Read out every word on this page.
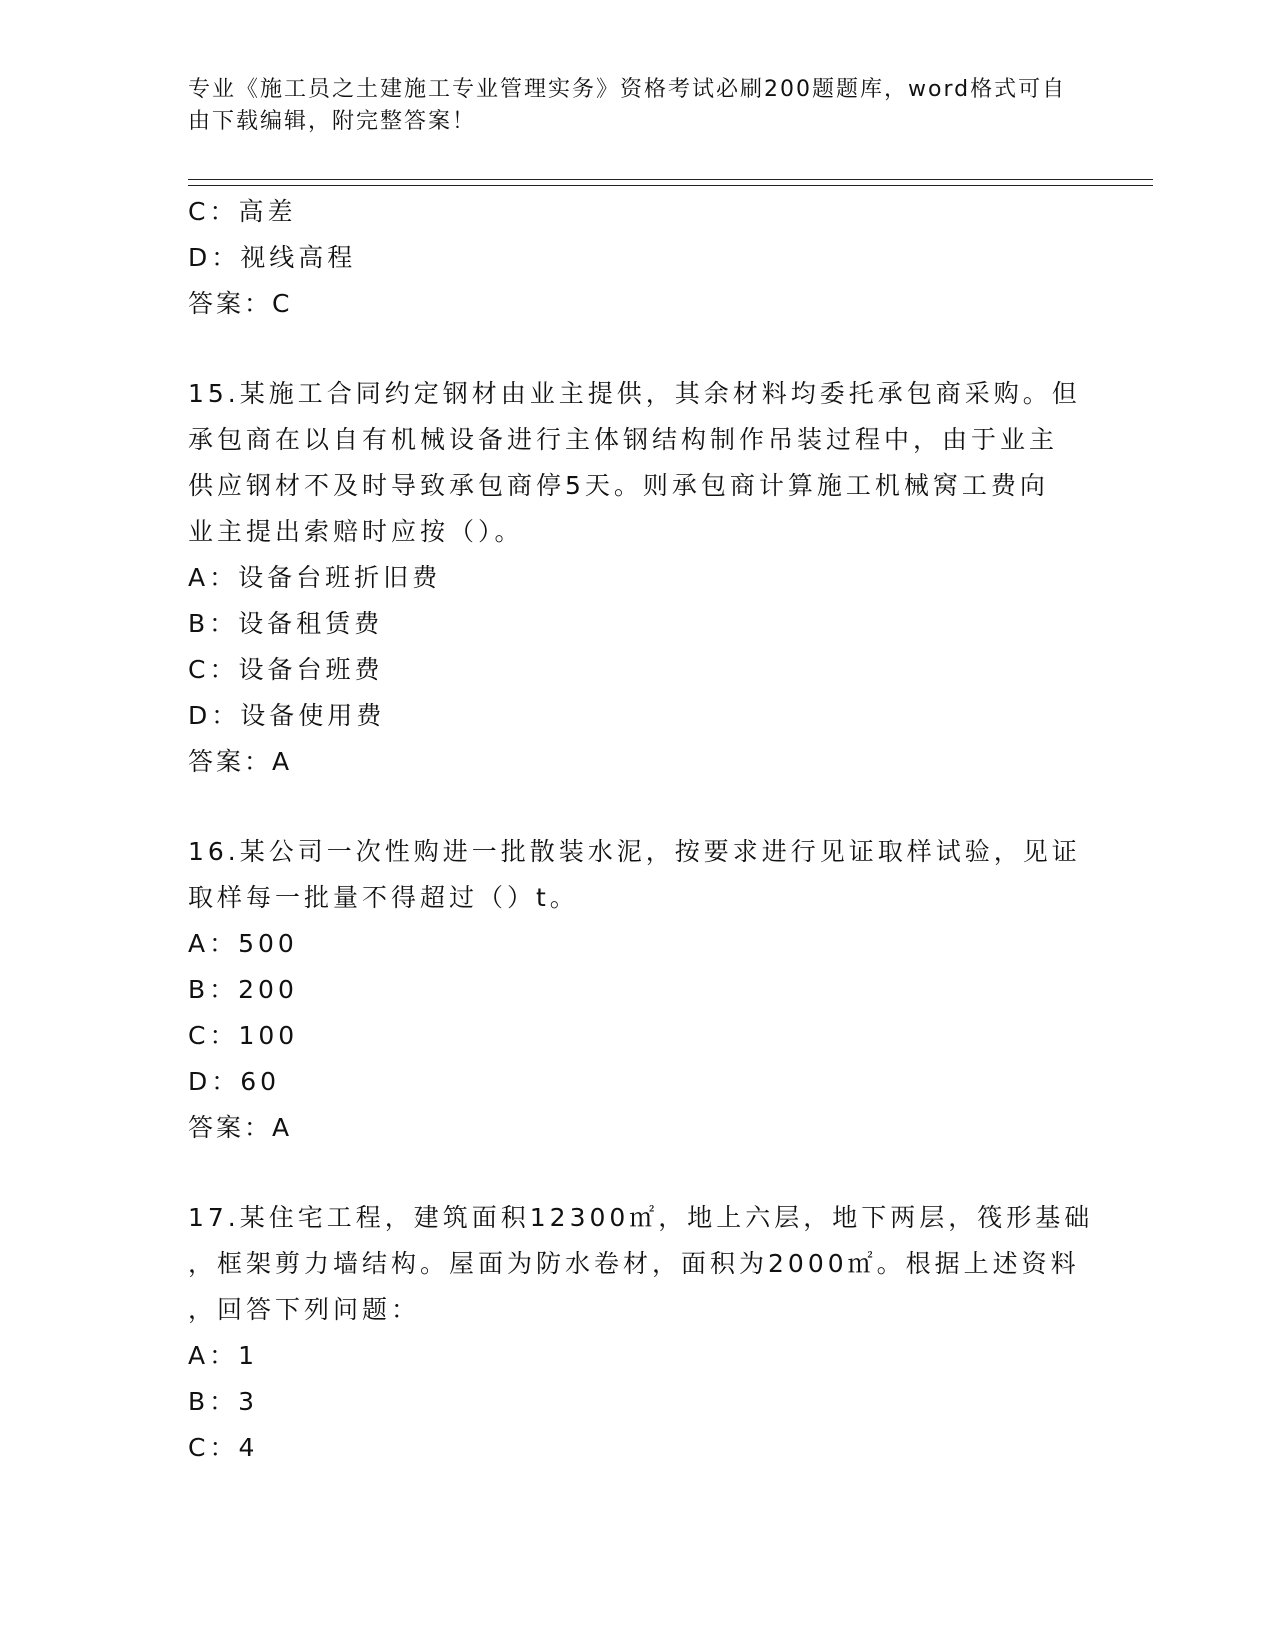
专业《施工员之土建施工专业管理实务》资格考试必刷200题题库，word格式可自由下载编辑，附完整答案！
C：高差
D：视线高程
答案：C
15.某施工合同约定钢材由业主提供，其余材料均委托承包商采购。但
承包商在以自有机械设备进行主体钢结构制作吊装过程中，由于业主
供应钢材不及时导致承包商停5天。则承包商计算施工机械窝工费向
业主提出索赔时应按（）。
A：设备台班折旧费
B：设备租赁费
C：设备台班费
D：设备使用费
答案：A
16.某公司一次性购进一批散装水泥，按要求进行见证取样试验，见证
取样每一批量不得超过（）t。
A：500
B：200
C：100
D：60
答案：A
17.某住宅工程，建筑面积12300㎡，地上六层，地下两层，筏形基础
，框架剪力墙结构。屋面为防水卷材，面积为2000㎡。根据上述资料
，回答下列问题：
A：1
B：3
C：4
